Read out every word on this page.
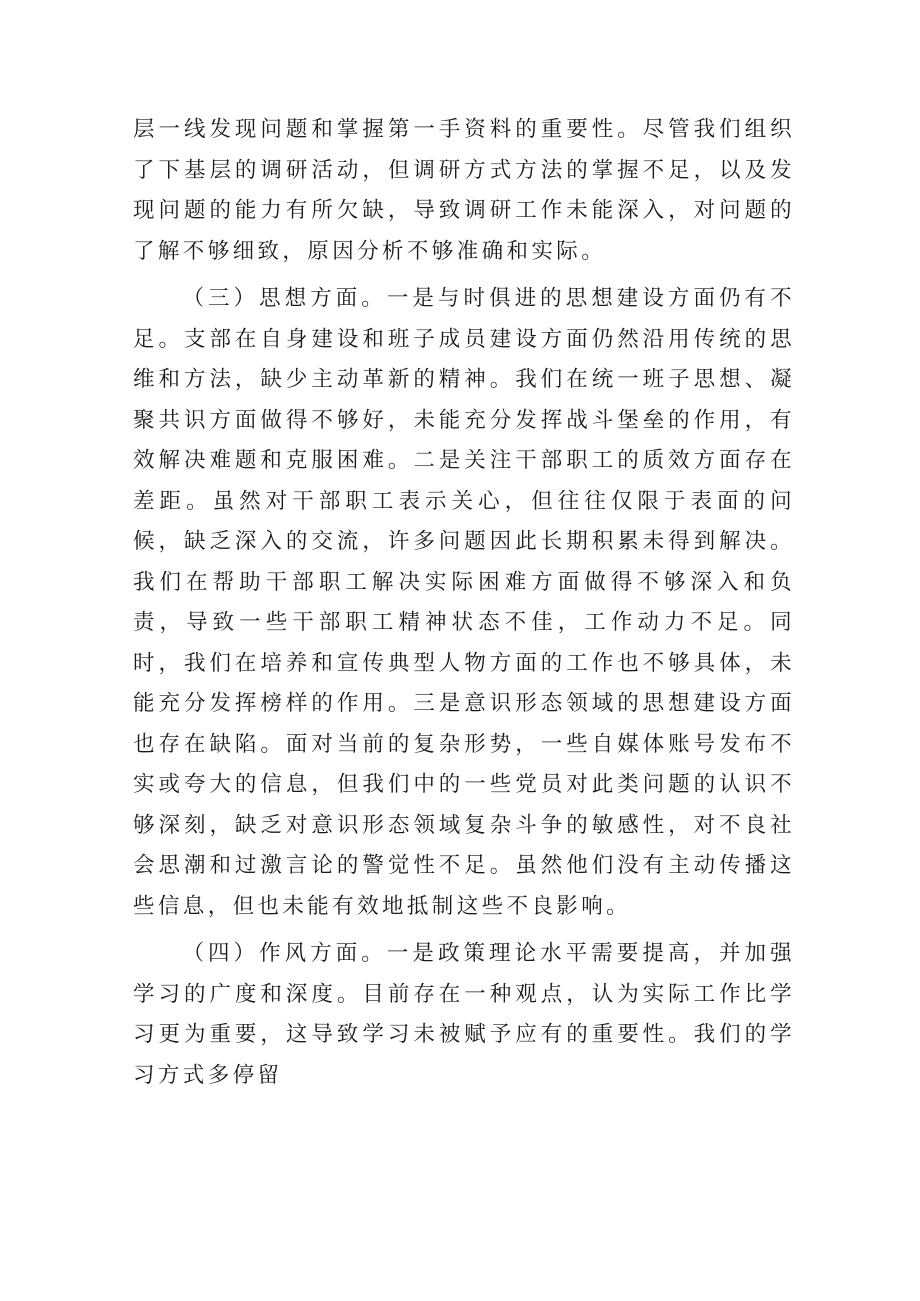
层一线发现问题和掌握第一手资料的重要性。尽管我们组织了下基层的调研活动，但调研方式方法的掌握不足，以及发现问题的能力有所欠缺，导致调研工作未能深入，对问题的了解不够细致，原因分析不够准确和实际。

（三）思想方面。一是与时俱进的思想建设方面仍有不足。支部在自身建设和班子成员建设方面仍然沿用传统的思维和方法，缺少主动革新的精神。我们在统一班子思想、凝聚共识方面做得不够好，未能充分发挥战斗堡垒的作用，有效解决难题和克服困难。二是关注干部职工的质效方面存在差距。虽然对干部职工表示关心，但往往仅限于表面的问候，缺乏深入的交流，许多问题因此长期积累未得到解决。我们在帮助干部职工解决实际困难方面做得不够深入和负责，导致一些干部职工精神状态不佳，工作动力不足。同时，我们在培养和宣传典型人物方面的工作也不够具体，未能充分发挥榜样的作用。三是意识形态领域的思想建设方面也存在缺陷。面对当前的复杂形势，一些自媒体账号发布不实或夸大的信息，但我们中的一些党员对此类问题的认识不够深刻，缺乏对意识形态领域复杂斗争的敏感性，对不良社会思潮和过激言论的警觉性不足。虽然他们没有主动传播这些信息，但也未能有效地抵制这些不良影响。

（四）作风方面。一是政策理论水平需要提高，并加强学习的广度和深度。目前存在一种观点，认为实际工作比学习更为重要，这导致学习未被赋予应有的重要性。我们的学习方式多停留
